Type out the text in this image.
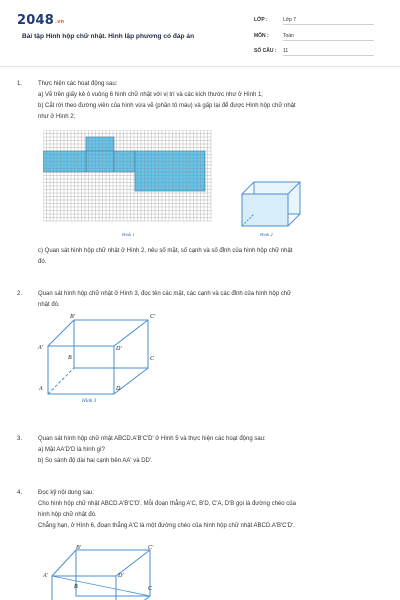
2048.vn
Bài tập Hình hộp chữ nhật. Hình lập phương có đáp án
LỚP :	Lớp 7
MÔN :	Toán
SỐ CÂU : 11
1.	Thực hiện các hoạt động sau:
a) Vẽ trên giấy kẻ ô vuông 6 hình chữ nhật với vị trí và các kích thước như ở Hình 1;
b) Cắt rời theo đường viền của hình vừa vẽ (phần tô màu) và gấp lại để được Hình hộp chữ nhật
như ở Hình 2;
Hình 1	Hình 2
c) Quan sát hình hộp chữ nhật ở Hình 2, nêu số mặt, số cạnh và số đỉnh của hình hộp chữ nhật
đó.
2.	Quan sát hình hộp chữ nhật ở Hình 3, đọc tên các mặt, các cạnh và các đỉnh của hình hộp chữ
nhật đó.
B'	C'
A'	D'
B	C
A	D
Hình 3
3.	Quan sát hình hộp chữ nhật ABCD.A'B'C'D' ở Hình 5 và thực hiện các hoạt động sau:
a) Mặt AA'D'D là hình gì?
b) So sánh độ dài hai cạnh bên AA' và DD'.
4.	Đọc kỹ nội dung sau:
Cho hình hộp chữ nhật ABCD.A'B'C'D'. Mỗi đoạn thẳng A'C, B'D, C'A, D'B gọi là đường chéo của
hình hộp chữ nhật đó.
Chẳng hạn, ở Hình 6, đoạn thẳng A'C là một đường chéo của hình hộp chữ nhật ABCD.A'B'C'D'.
B'	C'
A'	D'
B	C
